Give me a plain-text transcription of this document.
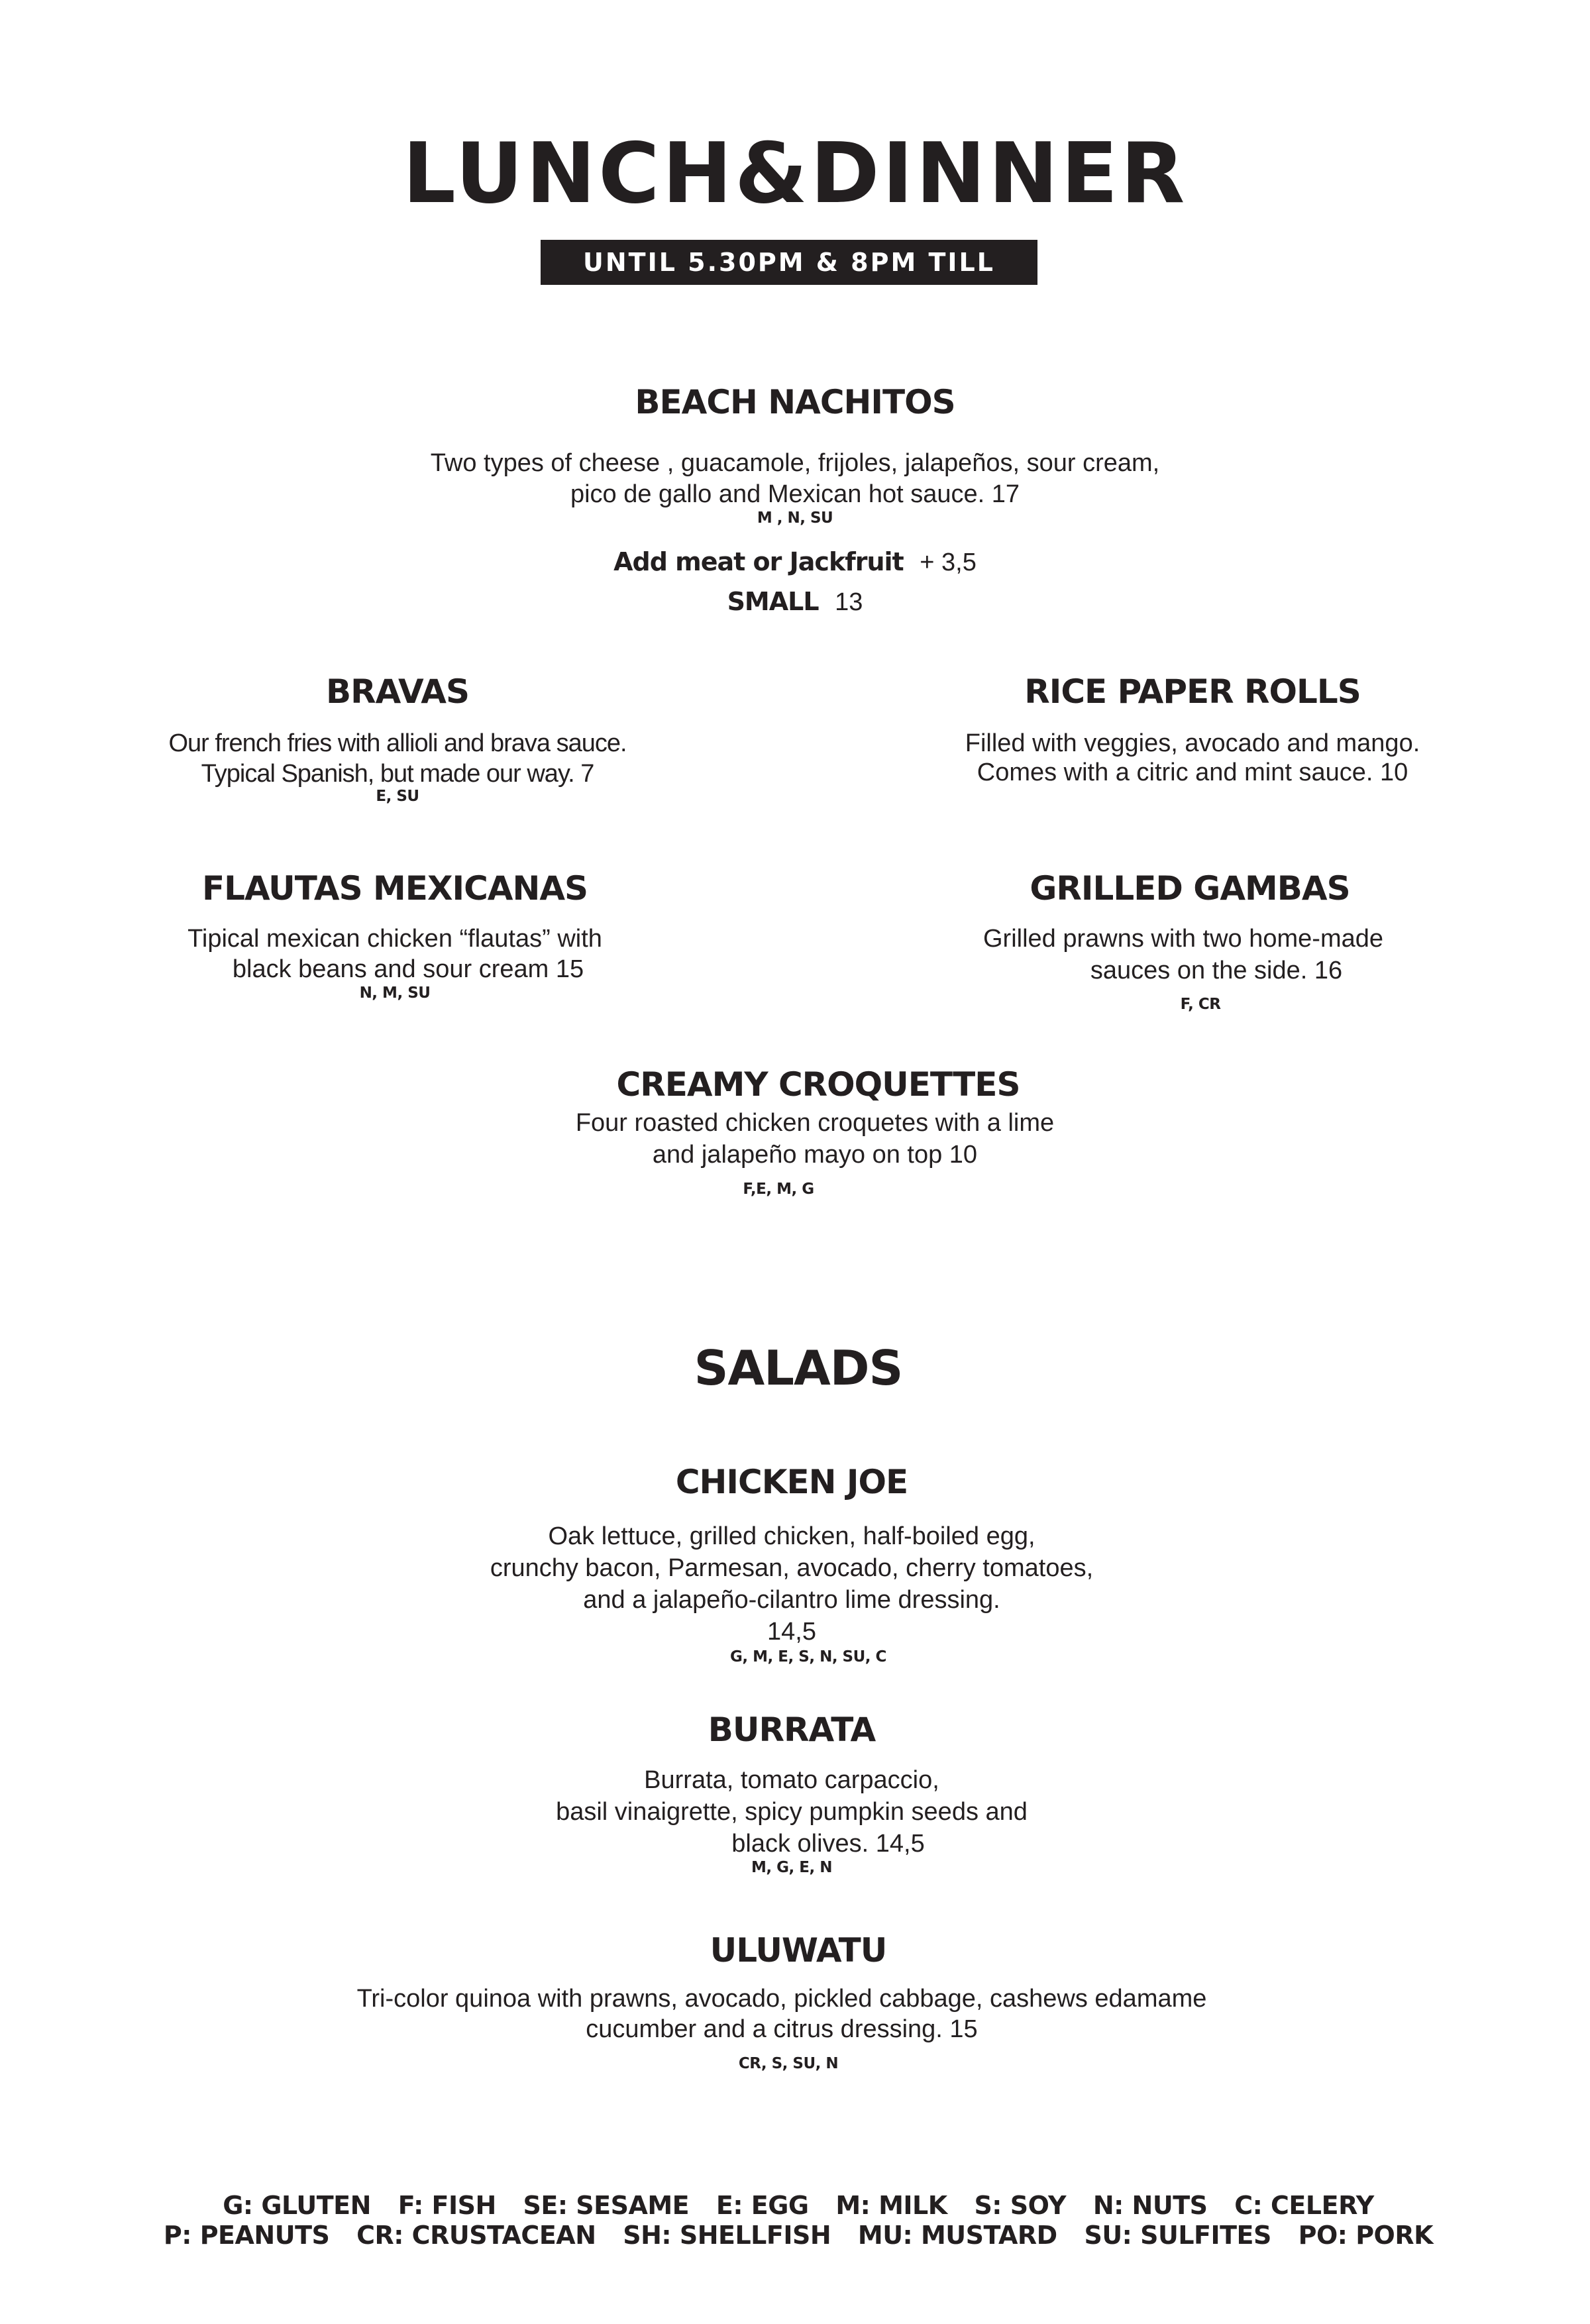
LUNCH&DINNER
UNTIL 5.30PM & 8PM TILL CLOSING
BEACH NACHITOS
Two types of cheese , guacamole, frijoles, jalapeños, sour cream,
pico de gallo and Mexican hot sauce. 17
M , N, SU
Add meat or Jackfruit + 3,5
SMALL 13
BRAVAS
Our french fries with allioli and brava sauce.
Typical Spanish, but made our way. 7
E, SU
RICE PAPER ROLLS
Filled with veggies, avocado and mango.
Comes with a citric and mint sauce. 10
FLAUTAS MEXICANAS
Tipical mexican chicken “flautas” with
black beans and sour cream 15
N, M, SU
GRILLED GAMBAS
Grilled prawns with two home-made
sauces on the side. 16
F, CR
CREAMY CROQUETTES
Four roasted chicken croquetes with a lime
and jalapeño mayo on top 10
F,E, M, G
SALADS
CHICKEN JOE
Oak lettuce, grilled chicken, half-boiled egg,
crunchy bacon, Parmesan, avocado, cherry tomatoes,
and a jalapeño-cilantro lime dressing.
14,5
G, M, E, S, N, SU, C
BURRATA
Burrata, tomato carpaccio,
basil vinaigrette, spicy pumpkin seeds and
black olives. 14,5
M, G, E, N
ULUWATU
Tri-color quinoa with prawns, avocado, pickled cabbage, cashews edamame
cucumber and a citrus dressing. 15
CR, S, SU, N
G: GLUTEN F: FISH SE: SESAME E: EGG M: MILK S: SOY N: NUTS C: CELERY
P: PEANUTS CR: CRUSTACEAN SH: SHELLFISH MU: MUSTARD SU: SULFITES PO: PORK
